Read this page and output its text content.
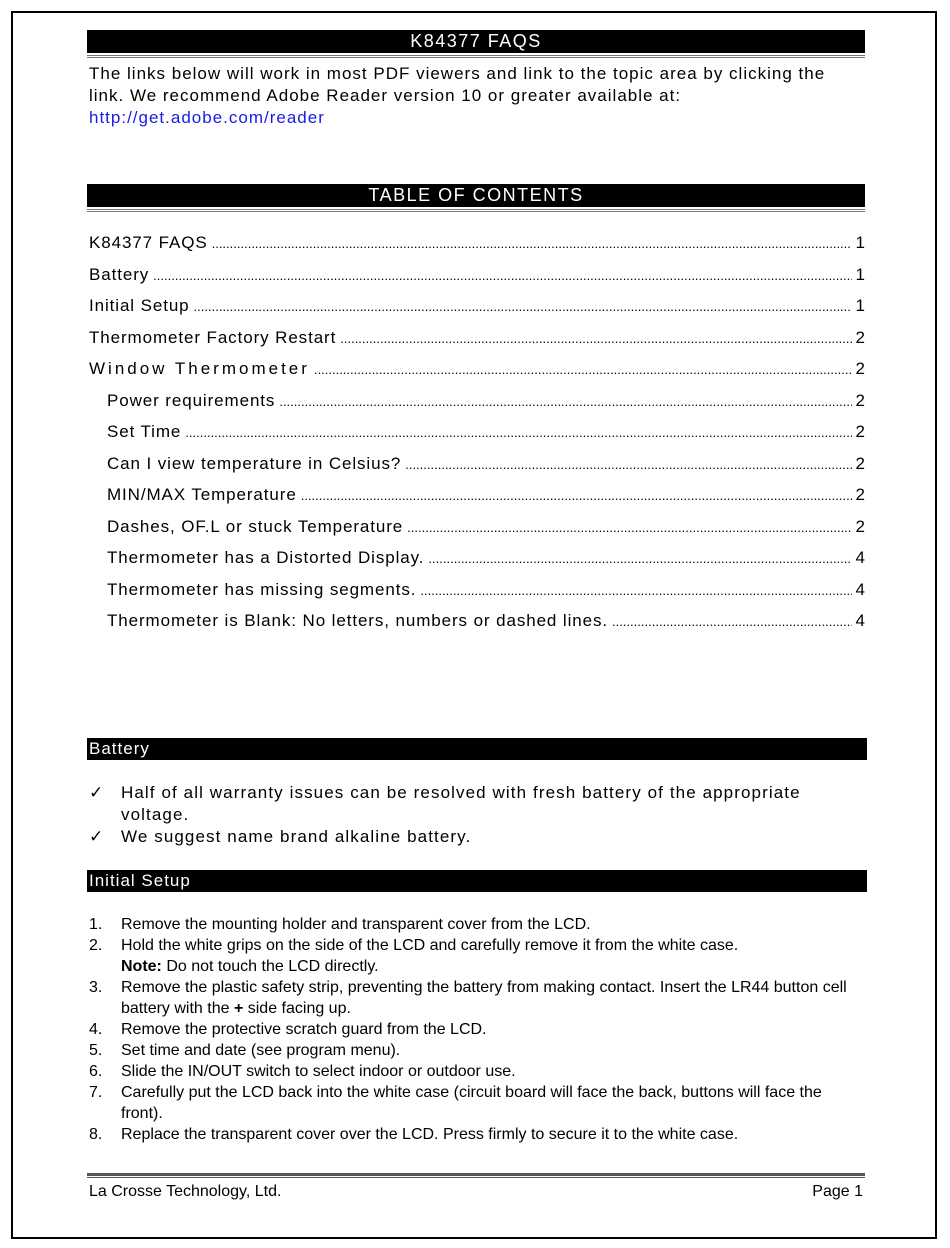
K84377 FAQS
The links below will work in most PDF viewers and link to the topic area by clicking the link. We recommend Adobe Reader version 10 or greater available at:
http://get.adobe.com/reader
TABLE OF CONTENTS
K84377 FAQS .....	1
Battery .....	1
Initial Setup .....	1
Thermometer Factory Restart .....	2
Window Thermometer .....	2
Power requirements .....	2
Set Time .....	2
Can I view temperature in Celsius? .....	2
MIN/MAX Temperature .....	2
Dashes, OF.L or stuck Temperature .....	2
Thermometer has a Distorted Display. .....	4
Thermometer has missing segments. .....	4
Thermometer is Blank: No letters, numbers or dashed lines. .....	4
Battery
✓ Half of all warranty issues can be resolved with fresh battery of the appropriate voltage.
✓ We suggest name brand alkaline battery.
Initial Setup
1.	Remove the mounting holder and transparent cover from the LCD.
2.	Hold the white grips on the side of the LCD and carefully remove it from the white case.
Note: Do not touch the LCD directly.
3.	Remove the plastic safety strip, preventing the battery from making contact. Insert the LR44 button cell battery with the + side facing up.
4.	Remove the protective scratch guard from the LCD.
5.	Set time and date (see program menu).
6.	Slide the IN/OUT switch to select indoor or outdoor use.
7.	Carefully put the LCD back into the white case (circuit board will face the back, buttons will face the front).
8.	Replace the transparent cover over the LCD. Press firmly to secure it to the white case.
La Crosse Technology, Ltd.	Page 1
